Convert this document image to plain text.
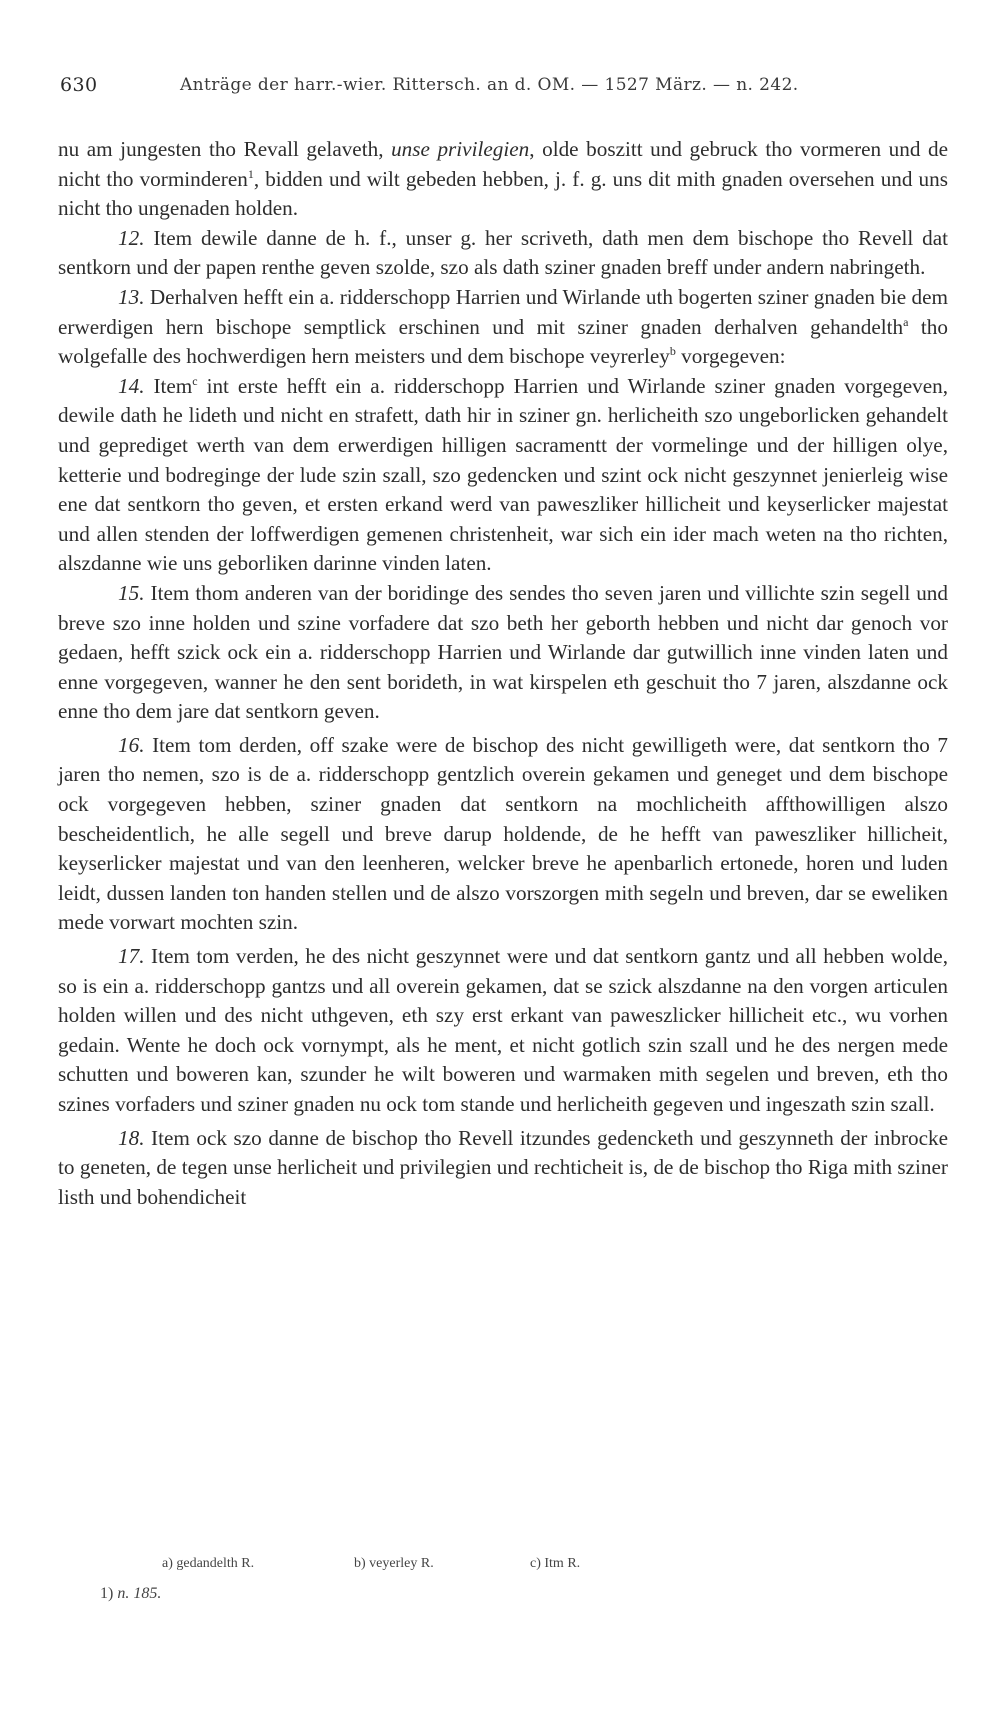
630	Anträge der harr.-wier. Rittersch. an d. OM. — 1527 März. — n. 242.

nu am jungesten tho Revall gelaveth, unse privilegien, olde boszitt und gebruck tho vormeren und de nicht tho vorminderen$^1$, bidden und wilt gebeden hebben, j. f. g. uns dit mith gnaden oversehen und uns nicht tho ungenaden holden.

12. Item dewile danne de h. f., unser g. her scriveth, dath men dem bischope tho Revell dat sentkorn und der papen renthe geven szolde, szo als dath sziner gnaden breff under andern nabringeth.

13. Derhalven hefft ein a. ridderschopp Harrien und Wirlande uth bogerten sziner gnaden bie dem erwerdigen hern bischope semptlick erschinen und mit sziner gnaden derhalven gehandelth$^a$ tho wolgefalle des hochwerdigen hern meisters und dem bischope veyrerley$^b$ vorgegeven:

14. Item$^c$ int erste hefft ein a. ridderschopp Harrien und Wirlande sziner gnaden vorgegeven, dewile dath he lideth und nicht en strafett, dath hir in sziner gn. herlicheith szo ungeborlicken gehandelt und geprediget werth van dem erwerdigen hilligen sacramentt der vormelinge und der hilligen olye, ketterie und bodreginge der lude szin szall, szo gedencken und szint ock nicht geszynnet jenierleig wise ene dat sentkorn tho geven, et ersten erkand werd van paweszliker hillicheit und keyserlicker majestat und allen stenden der loffwerdigen gemenen christenheit, war sich ein ider mach weten na tho richten, alszdanne wie uns geborliken darinne vinden laten.

15. Item thom anderen van der boridinge des sendes tho seven jaren und villichte szin segell und breve szo inne holden und szine vorfadere dat szo beth her geborth hebben und nicht dar genoch vor gedaen, hefft szick ock ein a. ridderschopp Harrien und Wirlande dar gutwillich inne vinden laten und enne vorgegeven, wanner he den sent borideth, in wat kirspelen eth geschuit tho 7 jaren, alszdanne ock enne tho dem jare dat sentkorn geven.

16. Item tom derden, off szake were de bischop des nicht gewilligeth were, dat sentkorn tho 7 jaren tho nemen, szo is de a. ridderschopp gentzlich overein gekamen und geneget und dem bischope ock vorgegeven hebben, sziner gnaden dat sentkorn na mochlicheith affthowilligen alszo bescheidentlich, he alle segell und breve darup holdende, de he hefft van paweszliker hillicheit, keyserlicker majestat und van den leenheren, welcker breve he apenbarlich ertonede, horen und luden leidt, dussen landen ton handen stellen und de alszo vorszorgen mith segeln und breven, dar se eweliken mede vorwart mochten szin.

17. Item tom verden, he des nicht geszynnet were und dat sentkorn gantz und all hebben wolde, so is ein a. ridderschopp gantzs und all overein gekamen, dat se szick alszdanne na den vorgen articulen holden willen und des nicht uthgeven, eth szy erst erkant van paweszlicker hillicheit etc., wu vorhen gedain. Wente he doch ock vornympt, als he ment, et nicht gotlich szin szall und he des nergen mede schutten und boweren kan, szunder he wilt boweren und warmaken mith segelen und breven, eth tho szines vorfaders und sziner gnaden nu ock tom stande und herlicheith gegeven und ingeszath szin szall.

18. Item ock szo danne de bischop tho Revell itzundes gedencketh und geszynneth der inbrocke to geneten, de tegen unse herlicheit und privilegien und rechticheit is, de de bischop tho Riga mith sziner listh und bohendicheit

a) gedandelth R.	b) veyerley R.	c) Itm R.
1) n. 185.
